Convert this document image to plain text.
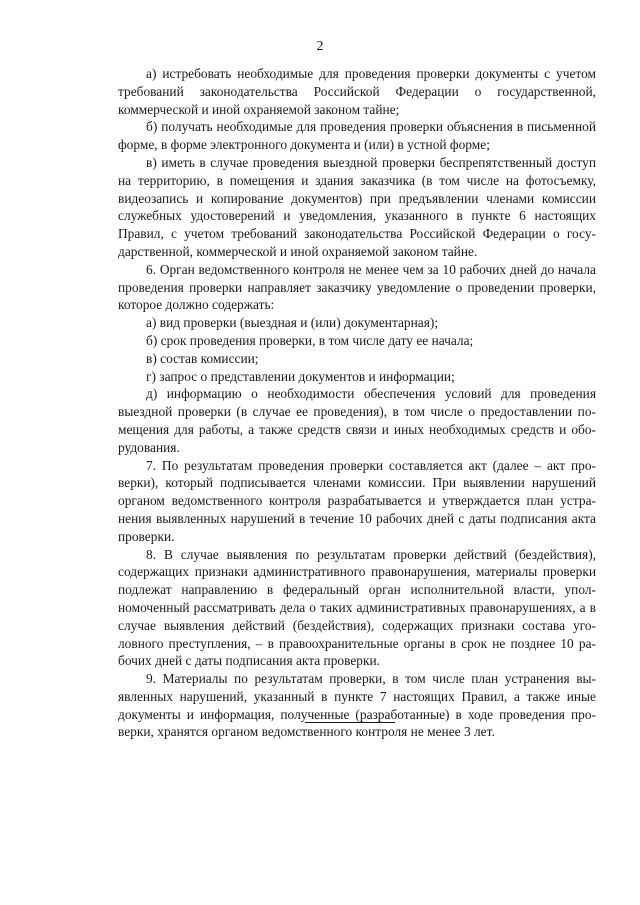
2

а) истребовать необходимые для проведения проверки документы с учетом требований законодательства Российской Федерации о государственной, коммерческой и иной охраняемой законом тайне;

б) получать необходимые для проведения проверки объяснения в письменной форме, в форме электронного документа и (или) в устной форме;

в) иметь в случае проведения выездной проверки беспрепятственный доступ на территорию, в помещения и здания заказчика (в том числе на фотосъемку, видеозапись и копирование документов) при предъявлении членами комиссии служебных удостоверений и уведомления, указанного в пункте 6 настоящих Правил, с учетом требований законодательства Российской Федерации о государственной, коммерческой и иной охраняемой законом тайне.

6. Орган ведомственного контроля не менее чем за 10 рабочих дней до начала проведения проверки направляет заказчику уведомление о проведении проверки, которое должно содержать:

а) вид проверки (выездная и (или) документарная);

б) срок проведения проверки, в том числе дату ее начала;

в) состав комиссии;

г) запрос о представлении документов и информации;

д) информацию о необходимости обеспечения условий для проведения выездной проверки (в случае ее проведения), в том числе о предоставлении помещения для работы, а также средств связи и иных необходимых средств и оборудования.

7. По результатам проведения проверки составляется акт (далее – акт проверки), который подписывается членами комиссии. При выявлении нарушений органом ведомственного контроля разрабатывается и утверждается план устранения выявленных нарушений в течение 10 рабочих дней с даты подписания акта проверки.

8. В случае выявления по результатам проверки действий (бездействия), содержащих признаки административного правонарушения, материалы проверки подлежат направлению в федеральный орган исполнительной власти, уполномоченный рассматривать дела о таких административных правонарушениях, а в случае выявления действий (бездействия), содержащих признаки состава уголовного преступления, – в правоохранительные органы в срок не позднее 10 рабочих дней с даты подписания акта проверки.

9. Материалы по результатам проверки, в том числе план устранения выявленных нарушений, указанный в пункте 7 настоящих Правил, а также иные документы и информация, полученные (разработанные) в ходе проведения проверки, хранятся органом ведомственного контроля не менее 3 лет.
